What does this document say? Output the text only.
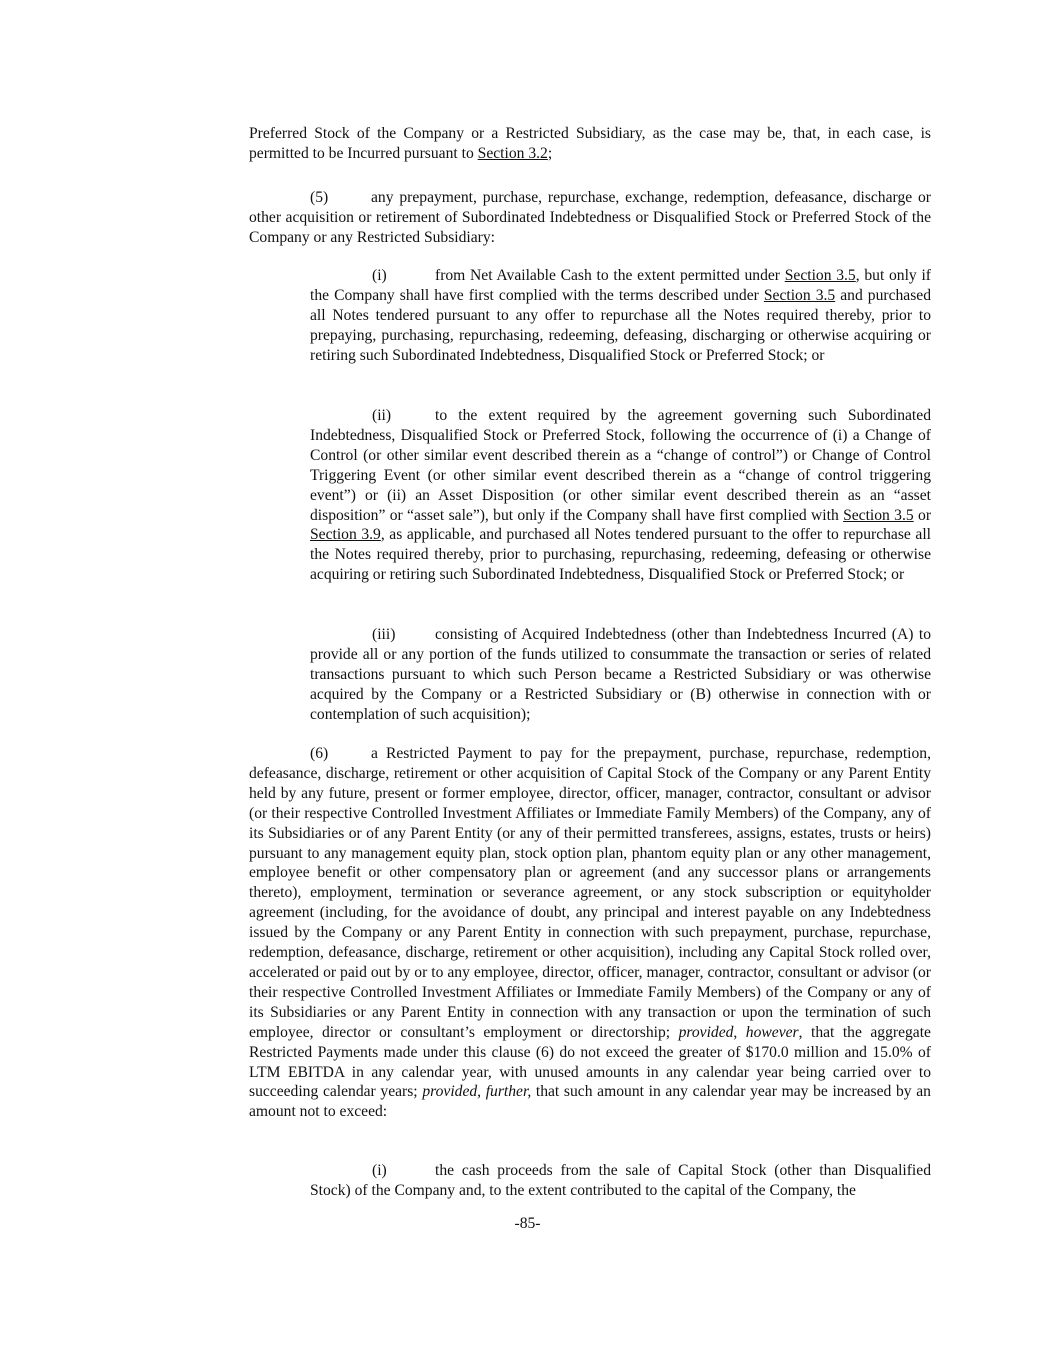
Preferred Stock of the Company or a Restricted Subsidiary, as the case may be, that, in each case, is permitted to be Incurred pursuant to Section 3.2;

(5)	any prepayment, purchase, repurchase, exchange, redemption, defeasance, discharge or other acquisition or retirement of Subordinated Indebtedness or Disqualified Stock or Preferred Stock of the Company or any Restricted Subsidiary:

(i)	from Net Available Cash to the extent permitted under Section 3.5, but only if the Company shall have first complied with the terms described under Section 3.5 and purchased all Notes tendered pursuant to any offer to repurchase all the Notes required thereby, prior to prepaying, purchasing, repurchasing, redeeming, defeasing, discharging or otherwise acquiring or retiring such Subordinated Indebtedness, Disqualified Stock or Preferred Stock; or

(ii)	to the extent required by the agreement governing such Subordinated Indebtedness, Disqualified Stock or Preferred Stock, following the occurrence of (i) a Change of Control (or other similar event described therein as a “change of control”) or Change of Control Triggering Event (or other similar event described therein as a “change of control triggering event”) or (ii) an Asset Disposition (or other similar event described therein as an “asset disposition” or “asset sale”), but only if the Company shall have first complied with Section 3.5 or Section 3.9, as applicable, and purchased all Notes tendered pursuant to the offer to repurchase all the Notes required thereby, prior to purchasing, repurchasing, redeeming, defeasing or otherwise acquiring or retiring such Subordinated Indebtedness, Disqualified Stock or Preferred Stock; or

(iii)	consisting of Acquired Indebtedness (other than Indebtedness Incurred (A) to provide all or any portion of the funds utilized to consummate the transaction or series of related transactions pursuant to which such Person became a Restricted Subsidiary or was otherwise acquired by the Company or a Restricted Subsidiary or (B) otherwise in connection with or contemplation of such acquisition);

(6)	a Restricted Payment to pay for the prepayment, purchase, repurchase, redemption, defeasance, discharge, retirement or other acquisition of Capital Stock of the Company or any Parent Entity held by any future, present or former employee, director, officer, manager, contractor, consultant or advisor (or their respective Controlled Investment Affiliates or Immediate Family Members) of the Company, any of its Subsidiaries or of any Parent Entity (or any of their permitted transferees, assigns, estates, trusts or heirs) pursuant to any management equity plan, stock option plan, phantom equity plan or any other management, employee benefit or other compensatory plan or agreement (and any successor plans or arrangements thereto), employment, termination or severance agreement, or any stock subscription or equityholder agreement (including, for the avoidance of doubt, any principal and interest payable on any Indebtedness issued by the Company or any Parent Entity in connection with such prepayment, purchase, repurchase, redemption, defeasance, discharge, retirement or other acquisition), including any Capital Stock rolled over, accelerated or paid out by or to any employee, director, officer, manager, contractor, consultant or advisor (or their respective Controlled Investment Affiliates or Immediate Family Members) of the Company or any of its Subsidiaries or any Parent Entity in connection with any transaction or upon the termination of such employee, director or consultant’s employment or directorship; provided, however, that the aggregate Restricted Payments made under this clause (6) do not exceed the greater of $170.0 million and 15.0% of LTM EBITDA in any calendar year, with unused amounts in any calendar year being carried over to succeeding calendar years; provided, further, that such amount in any calendar year may be increased by an amount not to exceed:

(i)	the cash proceeds from the sale of Capital Stock (other than Disqualified Stock) of the Company and, to the extent contributed to the capital of the Company, the

-85-
